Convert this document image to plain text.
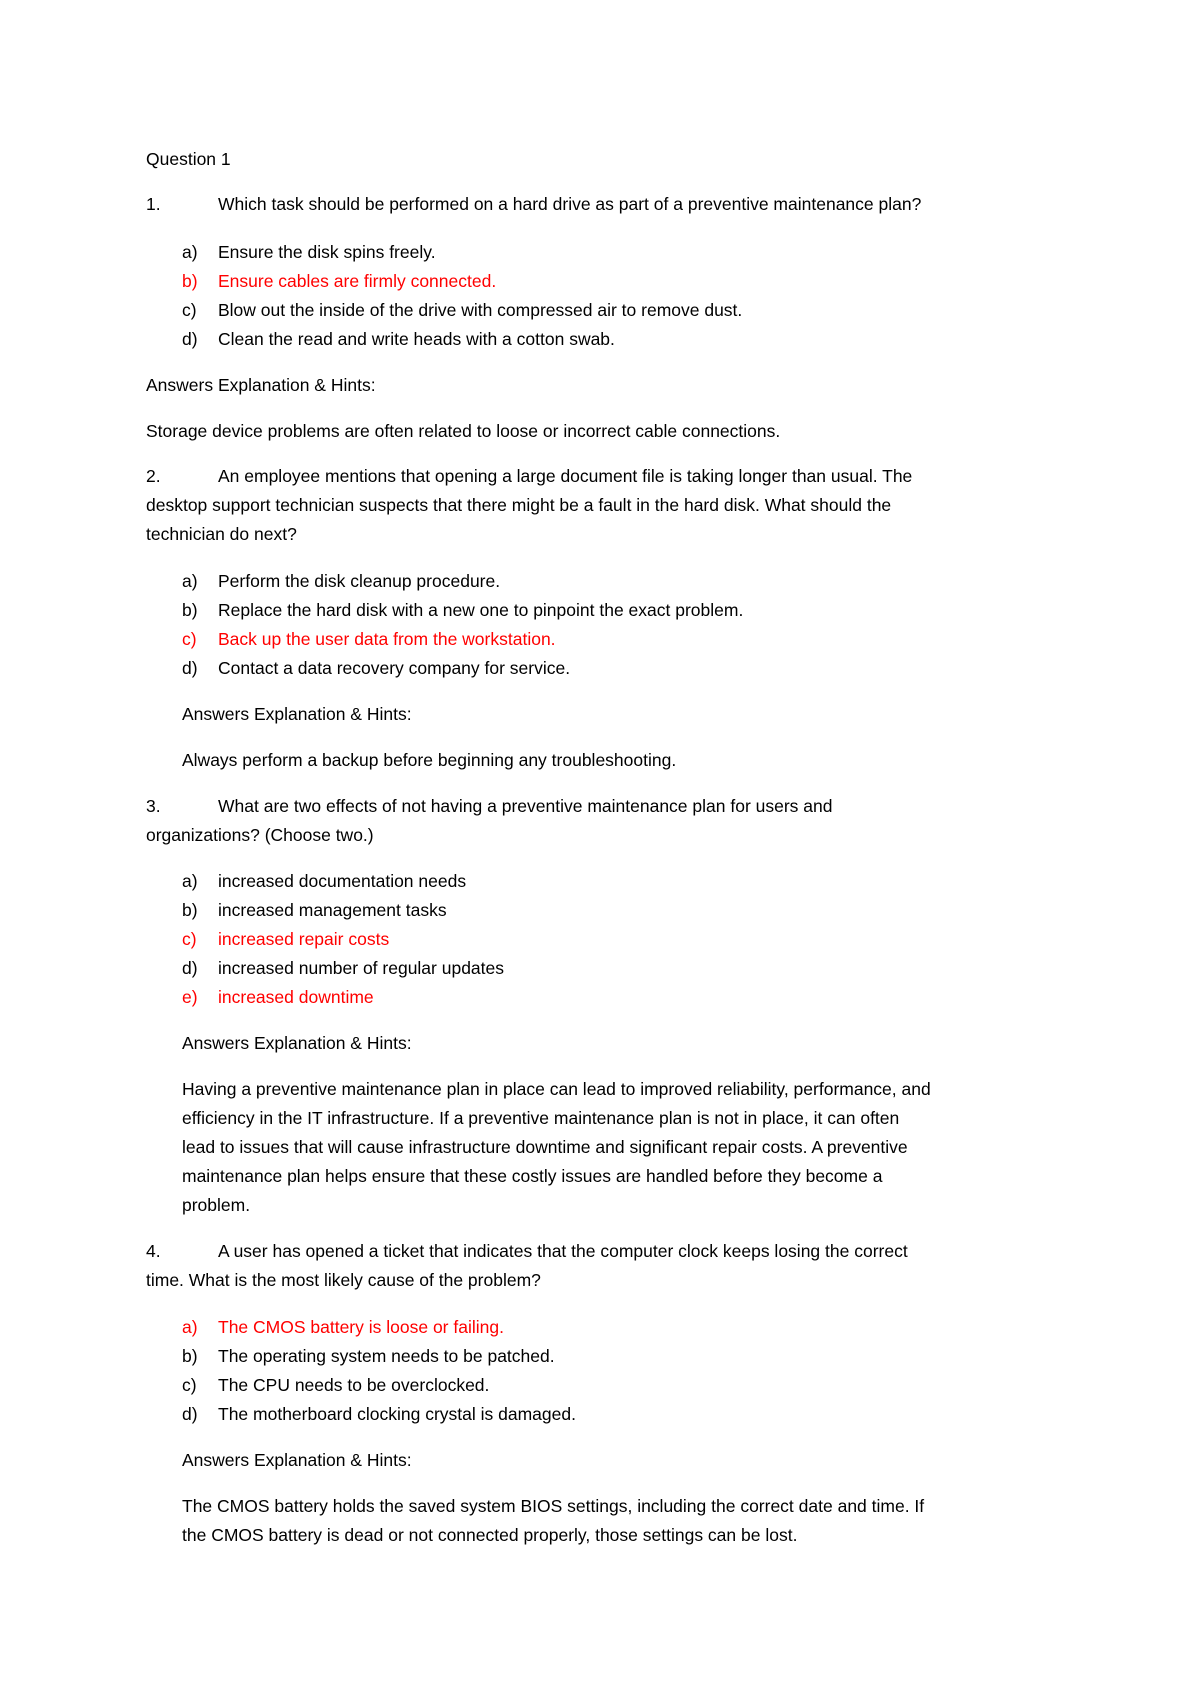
Question 1
1.	Which task should be performed on a hard drive as part of a preventive maintenance plan?
a) Ensure the disk spins freely.
b) Ensure cables are firmly connected.
c) Blow out the inside of the drive with compressed air to remove dust.
d) Clean the read and write heads with a cotton swab.
Answers Explanation & Hints:
Storage device problems are often related to loose or incorrect cable connections.
2.	An employee mentions that opening a large document file is taking longer than usual. The
desktop support technician suspects that there might be a fault in the hard disk. What should the
technician do next?
a) Perform the disk cleanup procedure.
b) Replace the hard disk with a new one to pinpoint the exact problem.
c) Back up the user data from the workstation.
d) Contact a data recovery company for service.
Answers Explanation & Hints:
Always perform a backup before beginning any troubleshooting.
3.	What are two effects of not having a preventive maintenance plan for users and
organizations? (Choose two.)
a) increased documentation needs
b) increased management tasks
c) increased repair costs
d) increased number of regular updates
e) increased downtime
Answers Explanation & Hints:
Having a preventive maintenance plan in place can lead to improved reliability, performance, and
efficiency in the IT infrastructure. If a preventive maintenance plan is not in place, it can often
lead to issues that will cause infrastructure downtime and significant repair costs. A preventive
maintenance plan helps ensure that these costly issues are handled before they become a
problem.
4.	A user has opened a ticket that indicates that the computer clock keeps losing the correct
time. What is the most likely cause of the problem?
a) The CMOS battery is loose or failing.
b) The operating system needs to be patched.
c) The CPU needs to be overclocked.
d) The motherboard clocking crystal is damaged.
Answers Explanation & Hints:
The CMOS battery holds the saved system BIOS settings, including the correct date and time. If
the CMOS battery is dead or not connected properly, those settings can be lost.
